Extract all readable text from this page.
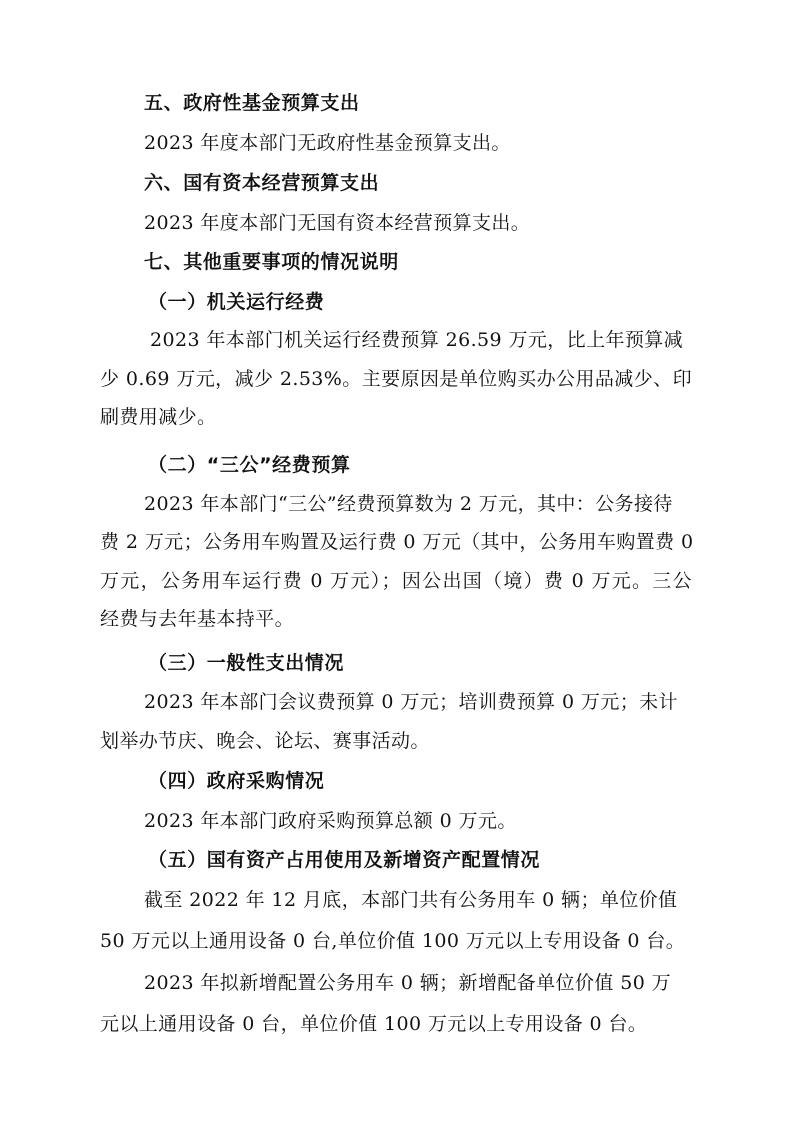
五、政府性基金预算支出
2023 年度本部门无政府性基金预算支出。
六、国有资本经营预算支出
2023 年度本部门无国有资本经营预算支出。
七、其他重要事项的情况说明
（一）机关运行经费
2023 年本部门机关运行经费预算 26.59 万元，比上年预算减
少 0.69 万元，减少 2.53%。主要原因是单位购买办公用品减少、印
刷费用减少。
（二）“三公”经费预算
2023 年本部门“三公”经费预算数为 2 万元，其中：公务接待
费 2 万元；公务用车购置及运行费 0 万元（其中，公务用车购置费 0
万元，公务用车运行费 0 万元）；因公出国（境）费 0 万元。三公
经费与去年基本持平。
（三）一般性支出情况
2023 年本部门会议费预算 0 万元；培训费预算 0 万元；未计
划举办节庆、晚会、论坛、赛事活动。
（四）政府采购情况
2023 年本部门政府采购预算总额 0 万元。
（五）国有资产占用使用及新增资产配置情况
截至 2022 年 12 月底，本部门共有公务用车 0 辆；单位价值
50 万元以上通用设备 0 台,单位价值 100 万元以上专用设备 0 台。
2023 年拟新增配置公务用车 0 辆；新增配备单位价值 50 万
元以上通用设备 0 台，单位价值 100 万元以上专用设备 0 台。
